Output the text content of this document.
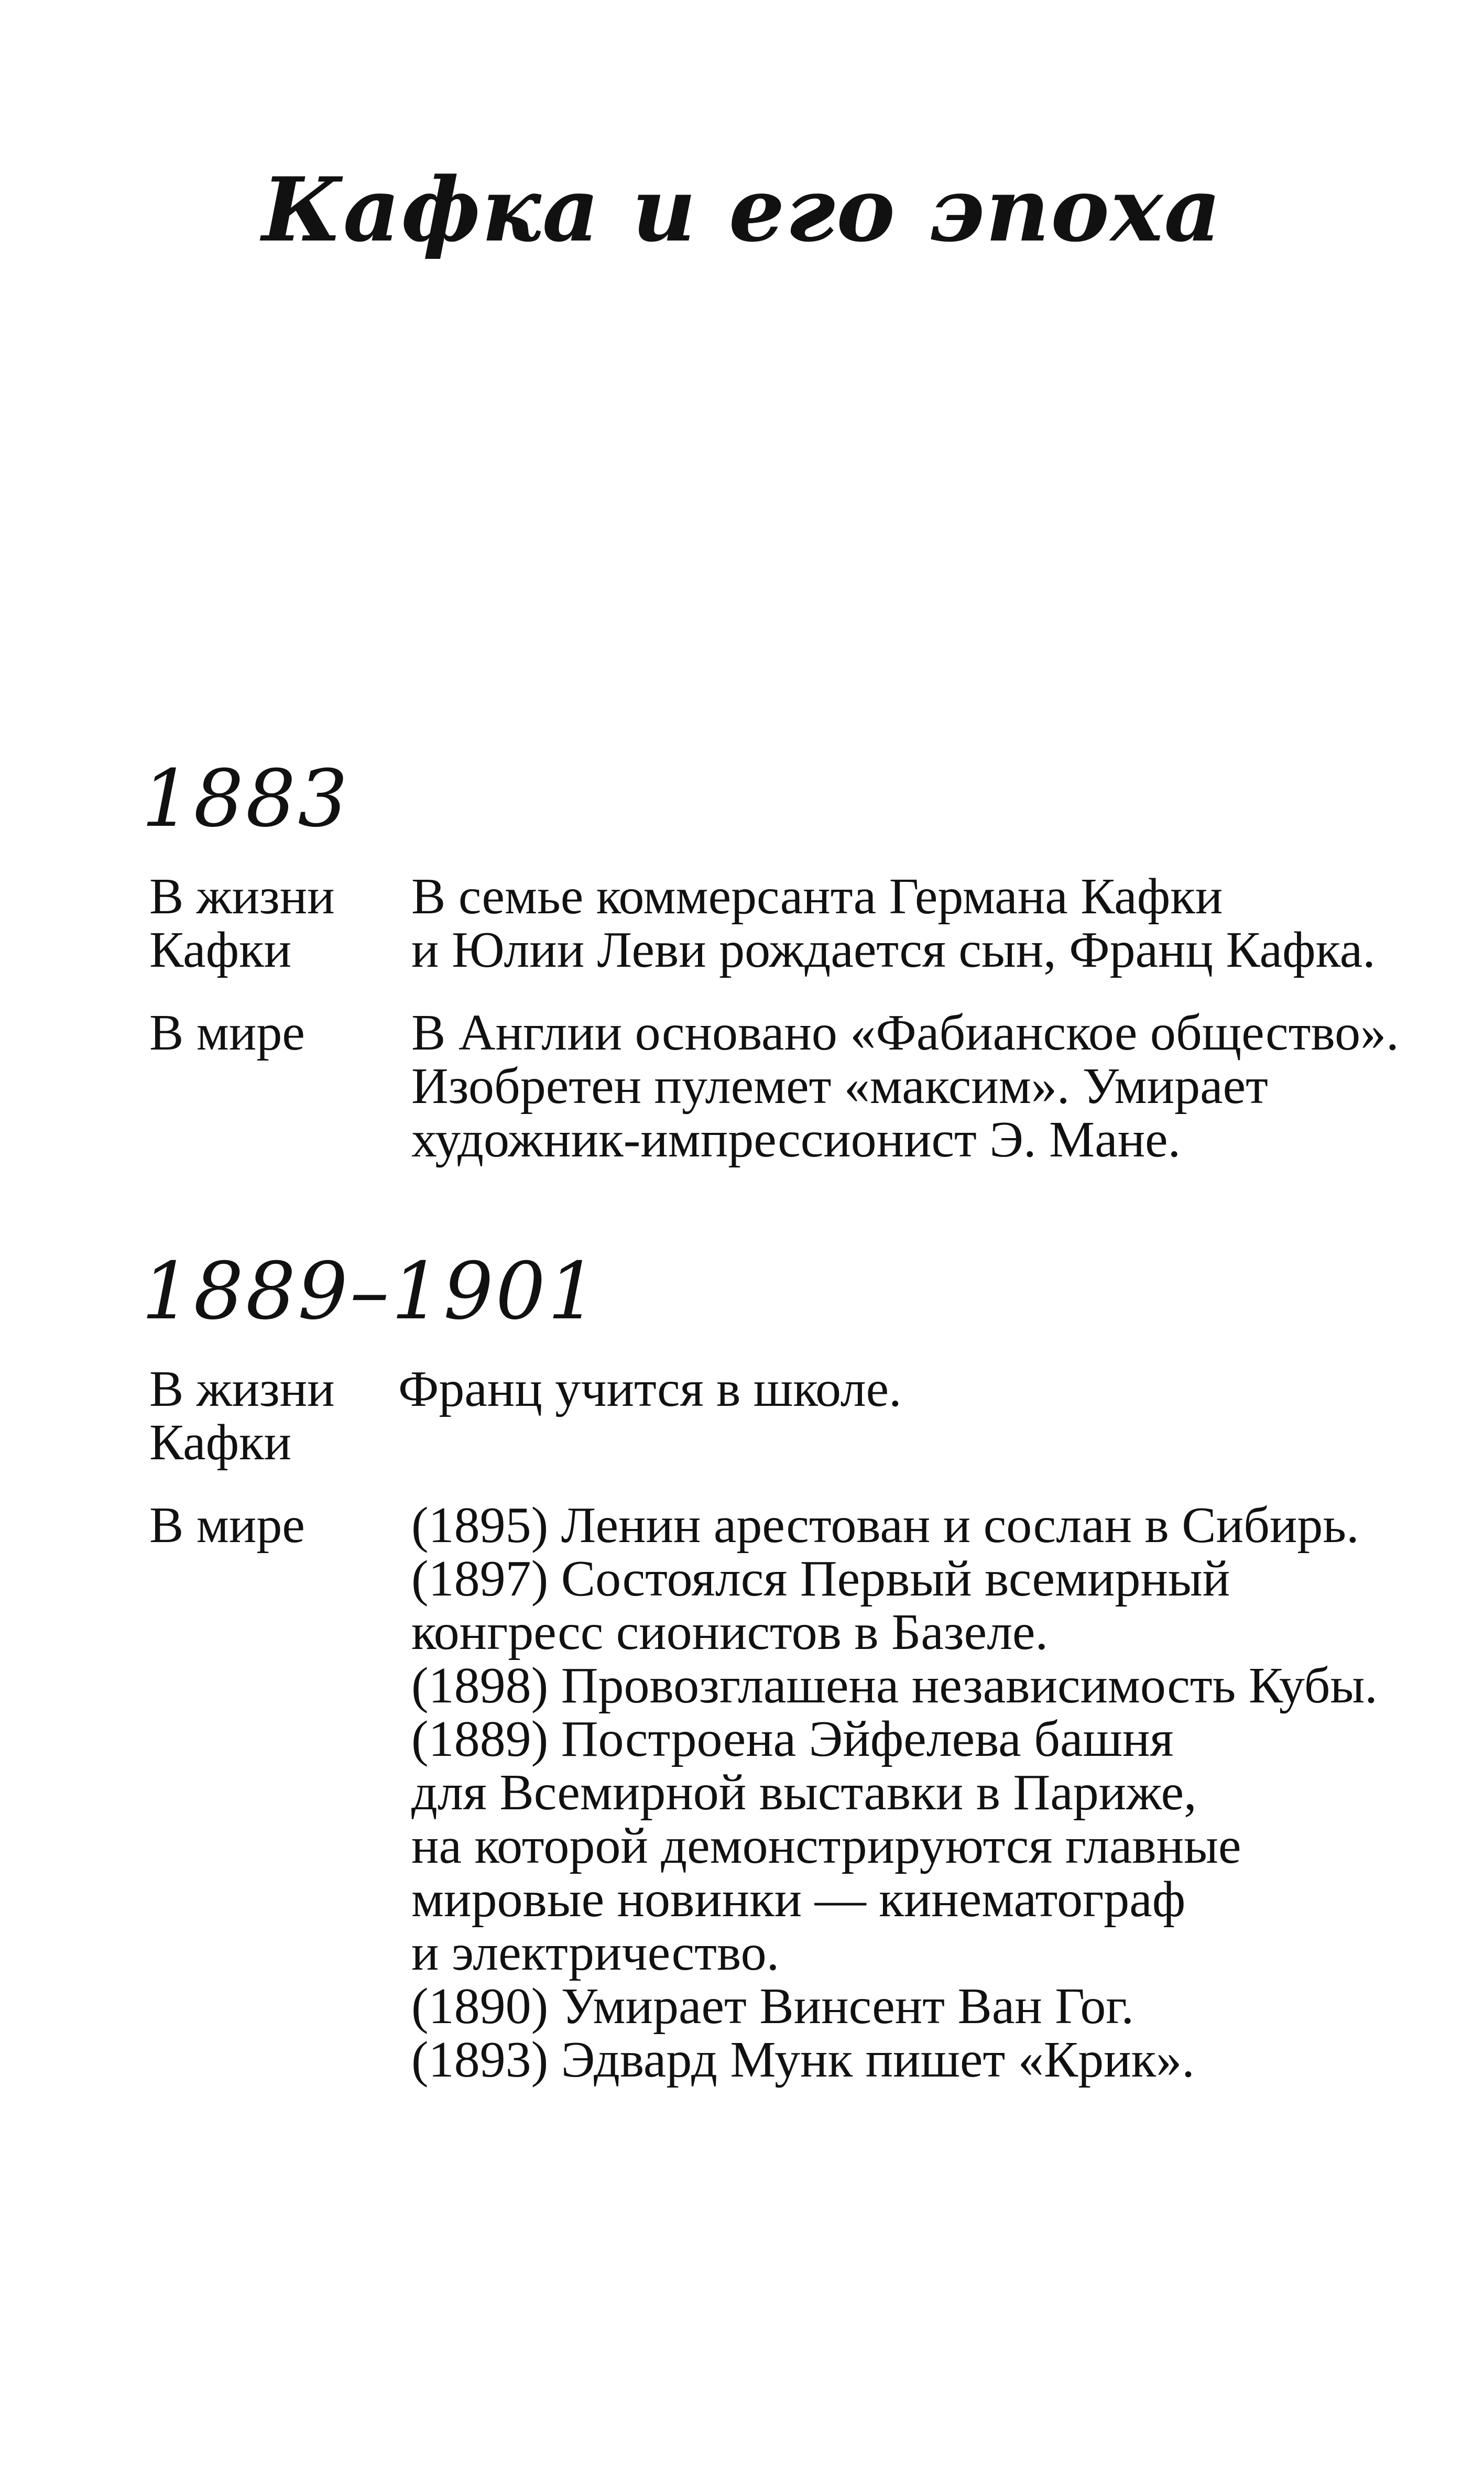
Кафка и его эпоха
1883
В жизни
Кафки
В семье коммерсанта Германа Кафки
и Юлии Леви рождается сын, Франц Кафка.
В мире	В Англии основано «Фабианское общество».
Изобретен пулемет «максим». Умирает
художник-импрессионист Э. Мане.
1889–1901
В жизни
Кафки
Франц учится в школе.
В мире	(1895) Ленин арестован и сослан в Сибирь.
(1897) Состоялся Первый всемирный
конгресс сионистов в Базеле.
(1898) Провозглашена независимость Кубы.
(1889) Построена Эйфелева башня
для Всемирной выставки в Париже,
на которой демонстрируются главные
мировые новинки — кинематограф
и электричество.
(1890) Умирает Винсент Ван Гог.
(1893) Эдвард Мунк пишет «Крик».
